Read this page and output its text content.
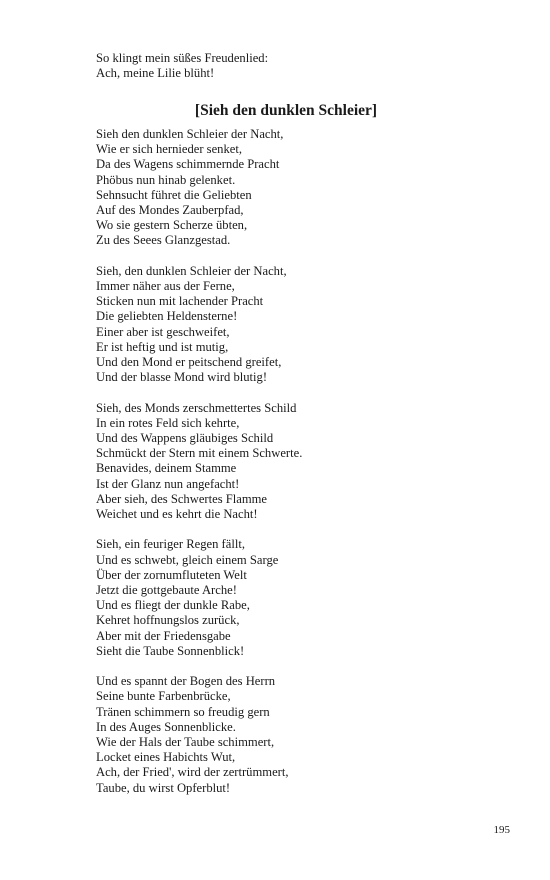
So klingt mein süßes Freudenlied:
Ach, meine Lilie blüht!
[Sieh den dunklen Schleier]
Sieh den dunklen Schleier der Nacht,
Wie er sich hernieder senket,
Da des Wagens schimmernde Pracht
Phöbus nun hinab gelenket.
Sehnsucht führet die Geliebten
Auf des Mondes Zauberpfad,
Wo sie gestern Scherze übten,
Zu des Seees Glanzgestad.
Sieh, den dunklen Schleier der Nacht,
Immer näher aus der Ferne,
Sticken nun mit lachender Pracht
Die geliebten Heldensterne!
Einer aber ist geschweifet,
Er ist heftig und ist mutig,
Und den Mond er peitschend greifet,
Und der blasse Mond wird blutig!
Sieh, des Monds zerschmettertes Schild
In ein rotes Feld sich kehrte,
Und des Wappens gläubiges Schild
Schmückt der Stern mit einem Schwerte.
Benavides, deinem Stamme
Ist der Glanz nun angefacht!
Aber sieh, des Schwertes Flamme
Weichet und es kehrt die Nacht!
Sieh, ein feuriger Regen fällt,
Und es schwebt, gleich einem Sarge
Über der zornumfluteten Welt
Jetzt die gottgebaute Arche!
Und es fliegt der dunkle Rabe,
Kehret hoffnungslos zurück,
Aber mit der Friedensgabe
Sieht die Taube Sonnenblick!
Und es spannt der Bogen des Herrn
Seine bunte Farbenbrücke,
Tränen schimmern so freudig gern
In des Auges Sonnenblicke.
Wie der Hals der Taube schimmert,
Locket eines Habichts Wut,
Ach, der Fried', wird der zertrümmert,
Taube, du wirst Opferblut!
195
